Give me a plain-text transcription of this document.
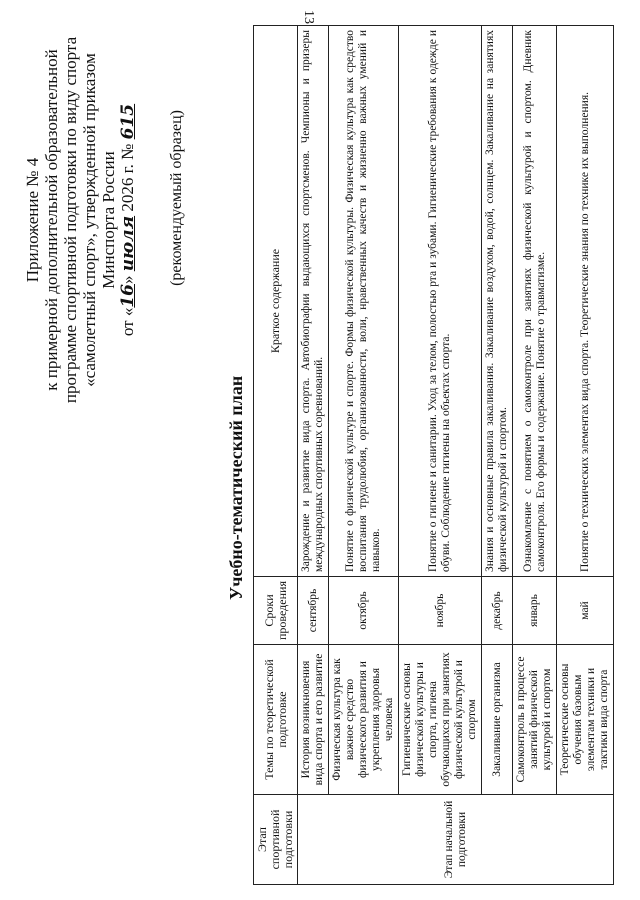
13
Приложение № 4 к примерной дополнительной образовательной программе спортивной подготовки по виду спорта «самолетный спорт», утвержденной приказом Минспорта России
от «16» июля 2026 г. № 615 (рекомендуемый образец)
Учебно-тематический план
Этап спортивной подготовки	Темы по теоретической подготовке	Сроки проведения	Краткое содержание
Этап начальной подготовки	История возникновения вида спорта и его развитие	сентябрь	Зарождение и развитие вида спорта. Автобиографии выдающихся спортсменов. Чемпионы и призеры международных спортивных соревнований.
	Физическая культура как важное средство физического развития и укрепления здоровья человека	октябрь	Понятие о физической культуре и спорте. Формы физической культуры. Физическая культура как средство воспитания трудолюбия, организованности, воли, нравственных качеств и жизненно важных умений и навыков.
	Гигиенические основы физической культуры и спорта, гигиена обучающихся при занятиях физической культурой и спортом	ноябрь	Понятие о гигиене и санитарии. Уход за телом, полостью рта и зубами. Гигиенические требования к одежде и обуви. Соблюдение гигиены на объектах спорта.
	Закаливание организма	декабрь	Знания и основные правила закаливания. Закаливание воздухом, водой, солнцем. Закаливание на занятиях физической культурой и спортом.
	Самоконтроль в процессе занятий физической культурой и спортом	январь	Ознакомление с понятием о самоконтроле при занятиях физической культурой и спортом. Дневник самоконтроля. Его формы и содержание. Понятие о травматизме.
	Теоретические основы обучения базовым элементам техники и тактики вида спорта	май	Понятие о технических элементах вида спорта. Теоретические знания по технике их выполнения.
